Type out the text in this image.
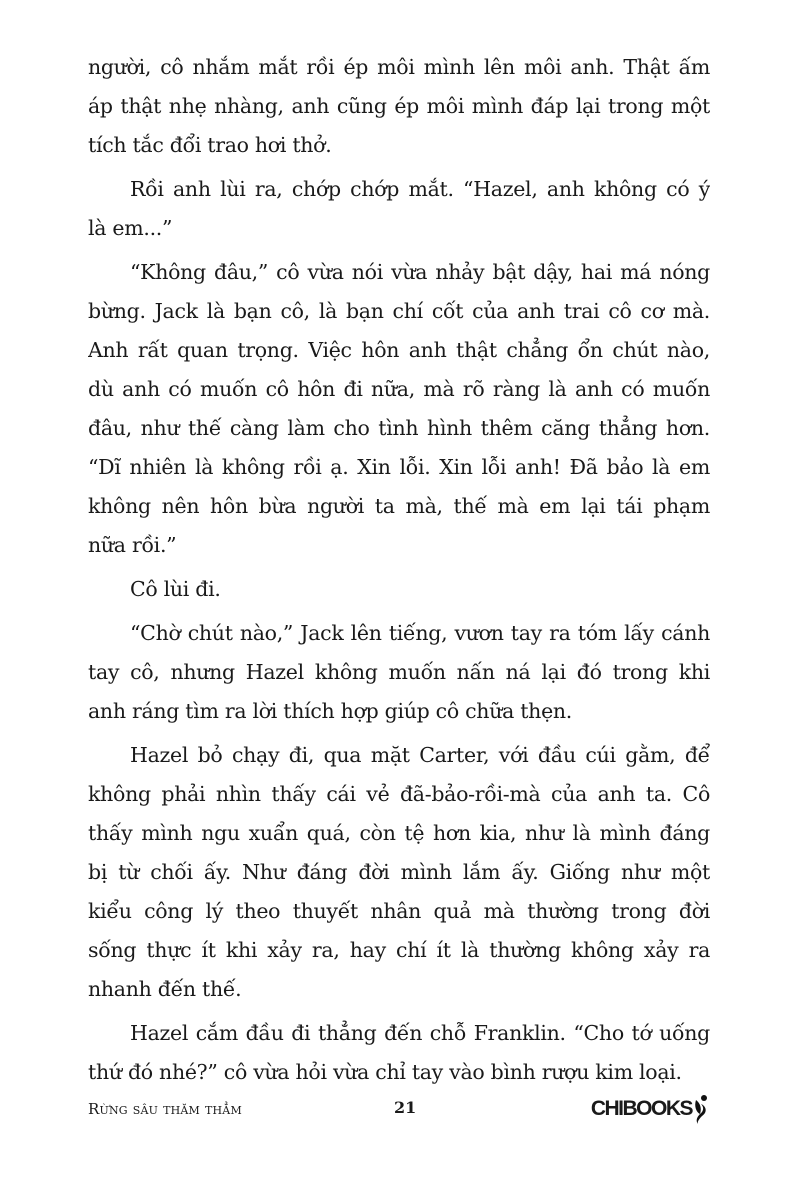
người, cô nhắm mắt rồi ép môi mình lên môi anh. Thật ấm
áp thật nhẹ nhàng, anh cũng ép môi mình đáp lại trong một
tích tắc đổi trao hơi thở.
Rồi anh lùi ra, chớp chớp mắt. “Hazel, anh không có ý
là em...”
“Không đâu,” cô vừa nói vừa nhảy bật dậy, hai má nóng
bừng. Jack là bạn cô, là bạn chí cốt của anh trai cô cơ mà.
Anh rất quan trọng. Việc hôn anh thật chẳng ổn chút nào,
dù anh có muốn cô hôn đi nữa, mà rõ ràng là anh có muốn
đâu, như thế càng làm cho tình hình thêm căng thẳng hơn.
“Dĩ nhiên là không rồi ạ. Xin lỗi. Xin lỗi anh! Đã bảo là em
không nên hôn bừa người ta mà, thế mà em lại tái phạm
nữa rồi.”
Cô lùi đi.
“Chờ chút nào,” Jack lên tiếng, vươn tay ra tóm lấy cánh
tay cô, nhưng Hazel không muốn nấn ná lại đó trong khi
anh ráng tìm ra lời thích hợp giúp cô chữa thẹn.
Hazel bỏ chạy đi, qua mặt Carter, với đầu cúi gằm, để
không phải nhìn thấy cái vẻ đã-bảo-rồi-mà của anh ta. Cô
thấy mình ngu xuẩn quá, còn tệ hơn kia, như là mình đáng
bị từ chối ấy. Như đáng đời mình lắm ấy. Giống như một
kiểu công lý theo thuyết nhân quả mà thường trong đời
sống thực ít khi xảy ra, hay chí ít là thường không xảy ra
nhanh đến thế.
Hazel cắm đầu đi thẳng đến chỗ Franklin. “Cho tớ uống
thứ đó nhé?” cô vừa hỏi vừa chỉ tay vào bình rượu kim loại.
Rừng sâu thăm thẳm	21	CHIBOOKS
